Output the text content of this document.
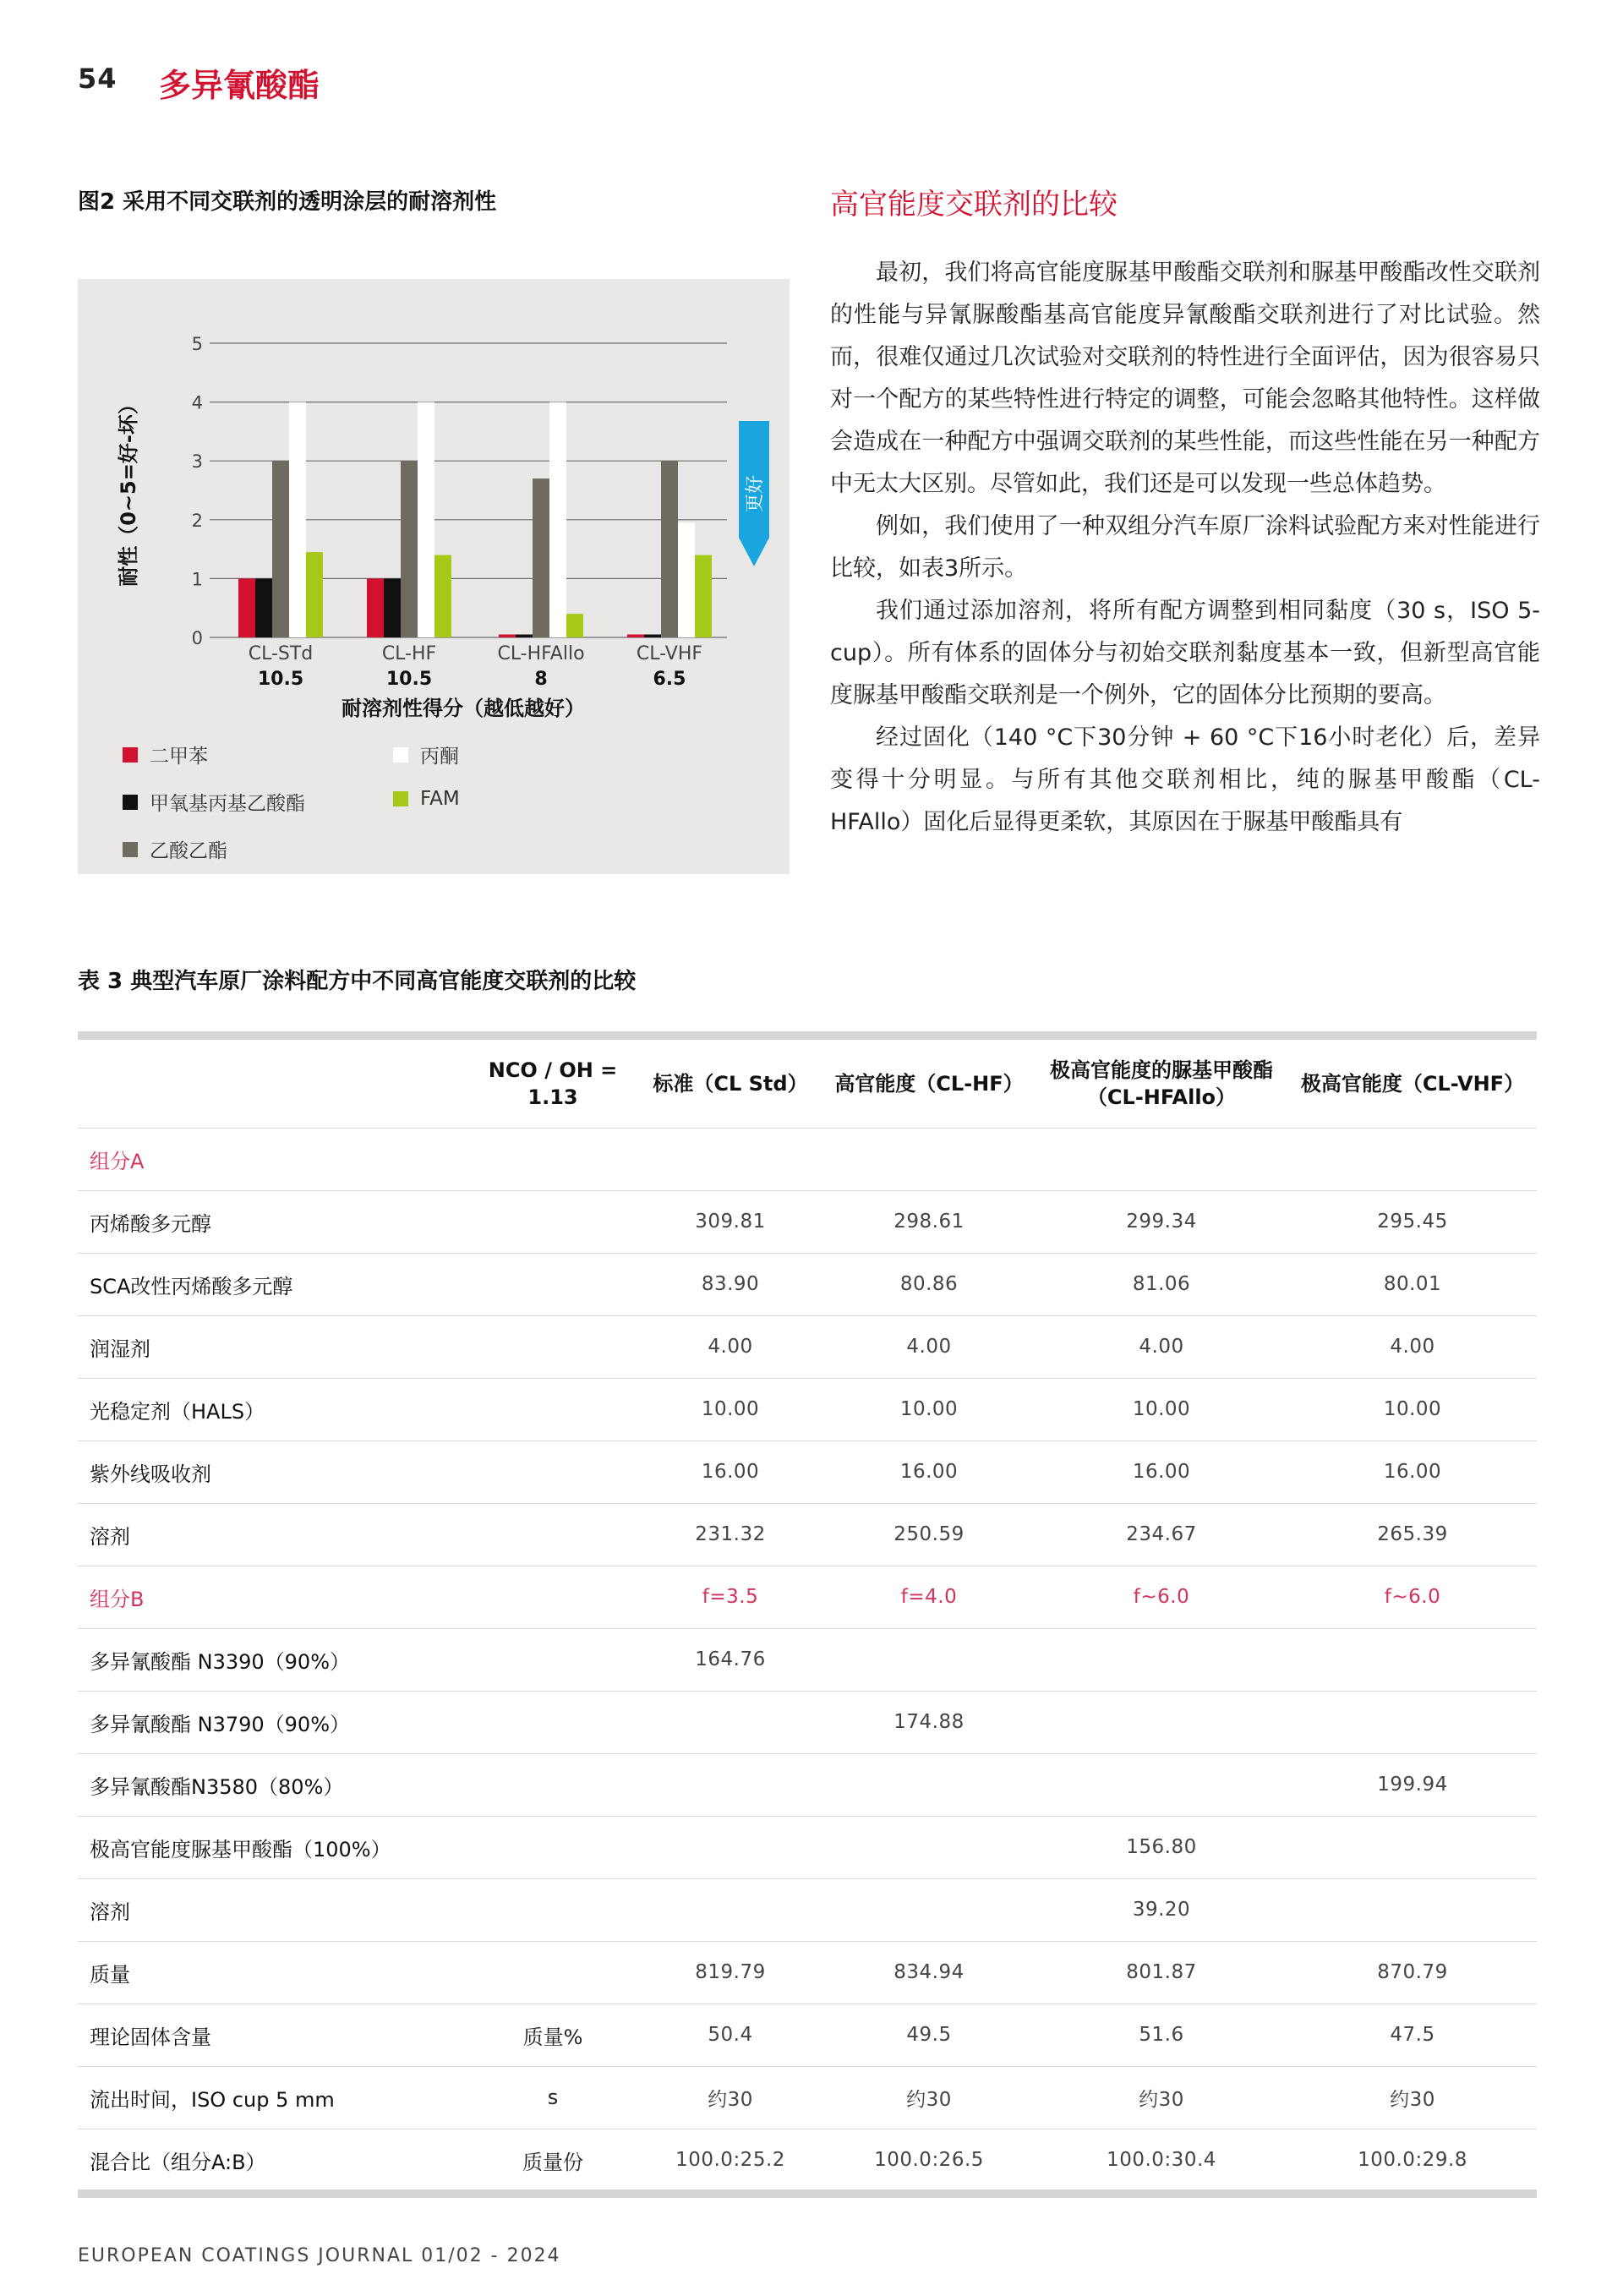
54 多异氰酸酯
图2 采用不同交联剂的透明涂层的耐溶剂性
0
1
2
3
4
5
耐性（0~5=好-坏）
CL-STd
10.5
CL-HF
10.5
CL-HFAllo
8
CL-VHF
6.5
耐溶剂性得分（越低越好）
更好
二甲苯	丙酮
甲氧基丙基乙酸酯	FAM
乙酸乙酯
高官能度交联剂的比较

最初，我们将高官能度脲基甲酸酯交联剂和脲基甲酸酯改性交联剂的性能与异氰脲酸酯基高官能度异氰酸酯交联剂进行了对比试验。然而，很难仅通过几次试验对交联剂的特性进行全面评估，因为很容易只对一个配方的某些特性进行特定的调整，可能会忽略其他特性。这样做会造成在一种配方中强调交联剂的某些性能，而这些性能在另一种配方中无太大区别。尽管如此，我们还是可以发现一些总体趋势。

例如，我们使用了一种双组分汽车原厂涂料试验配方来对性能进行比较，如表3所示。

我们通过添加溶剂，将所有配方调整到相同黏度（30 s，ISO 5-cup）。所有体系的固体分与初始交联剂黏度基本一致，但新型高官能度脲基甲酸酯交联剂是一个例外，它的固体分比预期的要高。

经过固化（140 °C下30分钟 + 60 °C下16小时老化）后，差异变得十分明显。与所有其他交联剂相比，纯的脲基甲酸酯（CL-HFAllo）固化后显得更柔软，其原因在于脲基甲酸酯具有

表 3 典型汽车原厂涂料配方中不同高官能度交联剂的比较
	NCO / OH = 1.13	标准（CL Std）	高官能度（CL-HF）	极高官能度的脲基甲酸酯（CL-HFAllo）	极高官能度（CL-VHF）
组分A					
丙烯酸多元醇		309.81	298.61	299.34	295.45
SCA改性丙烯酸多元醇		83.90	80.86	81.06	80.01
润湿剂		4.00	4.00	4.00	4.00
光稳定剂（HALS）		10.00	10.00	10.00	10.00
紫外线吸收剂		16.00	16.00	16.00	16.00
溶剂		231.32	250.59	234.67	265.39
组分B		f=3.5	f=4.0	f~6.0	f~6.0
多异氰酸酯 N3390（90%）		164.76			
多异氰酸酯 N3790（90%）			174.88		
多异氰酸酯N3580（80%）					199.94
极高官能度脲基甲酸酯（100%）				156.80	
溶剂				39.20	
质量		819.79	834.94	801.87	870.79
理论固体含量	质量%	50.4	49.5	51.6	47.5
流出时间，ISO cup 5 mm	s	约30	约30	约30	约30
混合比（组分A:B）	质量份	100.0:25.2	100.0:26.5	100.0:30.4	100.0:29.8
EUROPEAN COATINGS JOURNAL 01/02 - 2024
